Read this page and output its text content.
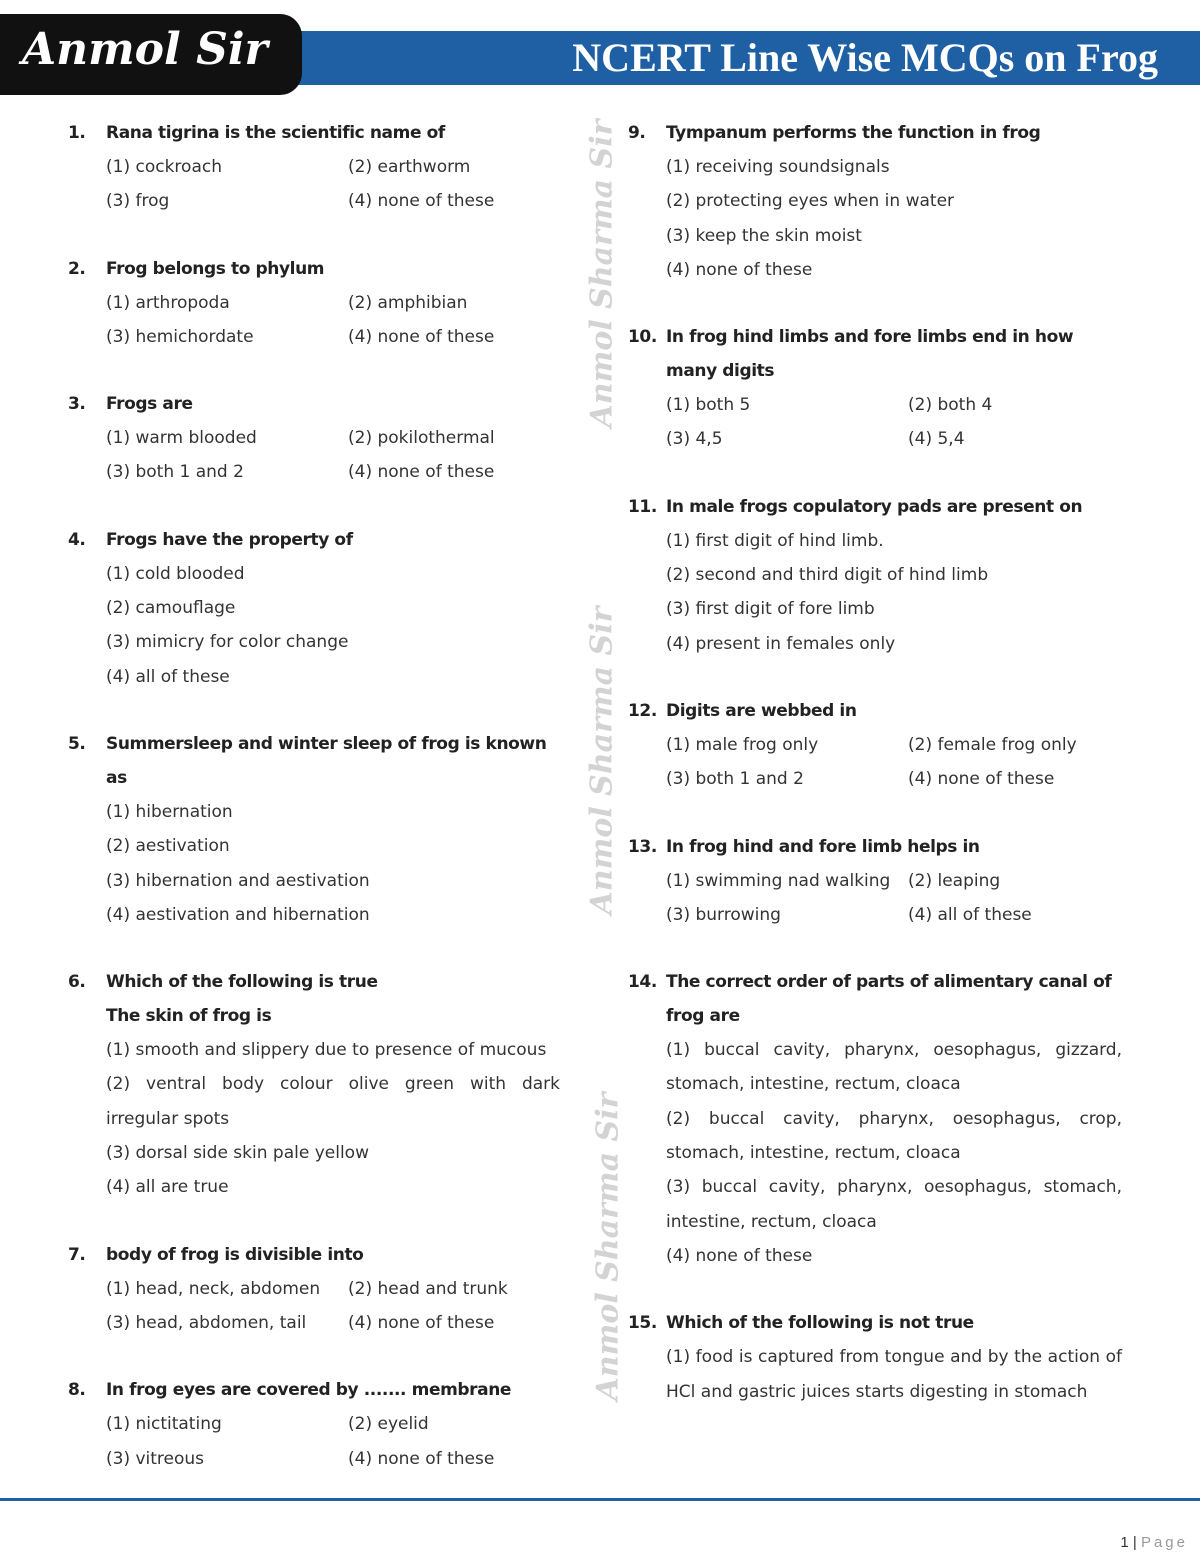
Anmol Sir	NCERT Line Wise MCQs on Frog
Anmol Sharma Sir
Anmol Sharma Sir
Anmol Sharma Sir
1.	Rana tigrina is the scientific name of
(1) cockroach	(2) earthworm
(3) frog	(4) none of these
2.	Frog belongs to phylum
(1) arthropoda	(2) amphibian
(3) hemichordate	(4) none of these
3.	Frogs are
(1) warm blooded	(2) pokilothermal
(3) both 1 and 2	(4) none of these
4.	Frogs have the property of
(1) cold blooded
(2) camouflage
(3) mimicry for color change
(4) all of these
5.	Summersleep and winter sleep of frog is known as
(1) hibernation
(2) aestivation
(3) hibernation and aestivation
(4) aestivation and hibernation
6.	Which of the following is true
The skin of frog is
(1) smooth and slippery due to presence of mucous
(2) ventral body colour olive green with dark irregular spots
(3) dorsal side skin pale yellow
(4) all are true
7.	body of frog is divisible into
(1) head, neck, abdomen	(2) head and trunk
(3) head, abdomen, tail	(4) none of these
8.	In frog eyes are covered by ....... membrane
(1) nictitating	(2) eyelid
(3) vitreous	(4) none of these
9.	Tympanum performs the function in frog
(1) receiving soundsignals
(2) protecting eyes when in water
(3) keep the skin moist
(4) none of these
10. In frog hind limbs and fore limbs end in how many digits
(1) both 5	(2) both 4
(3) 4,5	(4) 5,4
11. In male frogs copulatory pads are present on
(1) first digit of hind limb.
(2) second and third digit of hind limb
(3) first digit of fore limb
(4) present in females only
12. Digits are webbed in
(1) male frog only	(2) female frog only
(3) both 1 and 2	(4) none of these
13. In frog hind and fore limb helps in
(1) swimming nad walking	(2) leaping
(3) burrowing	(4) all of these
14. The correct order of parts of alimentary canal of frog are
(1) buccal cavity, pharynx, oesophagus, gizzard, stomach, intestine, rectum, cloaca
(2) buccal cavity, pharynx, oesophagus, crop, stomach, intestine, rectum, cloaca
(3) buccal cavity, pharynx, oesophagus, stomach, intestine, rectum, cloaca
(4) none of these
15. Which of the following is not true
(1) food is captured from tongue and by the action of HCl and gastric juices starts digesting in stomach
1 | Page
